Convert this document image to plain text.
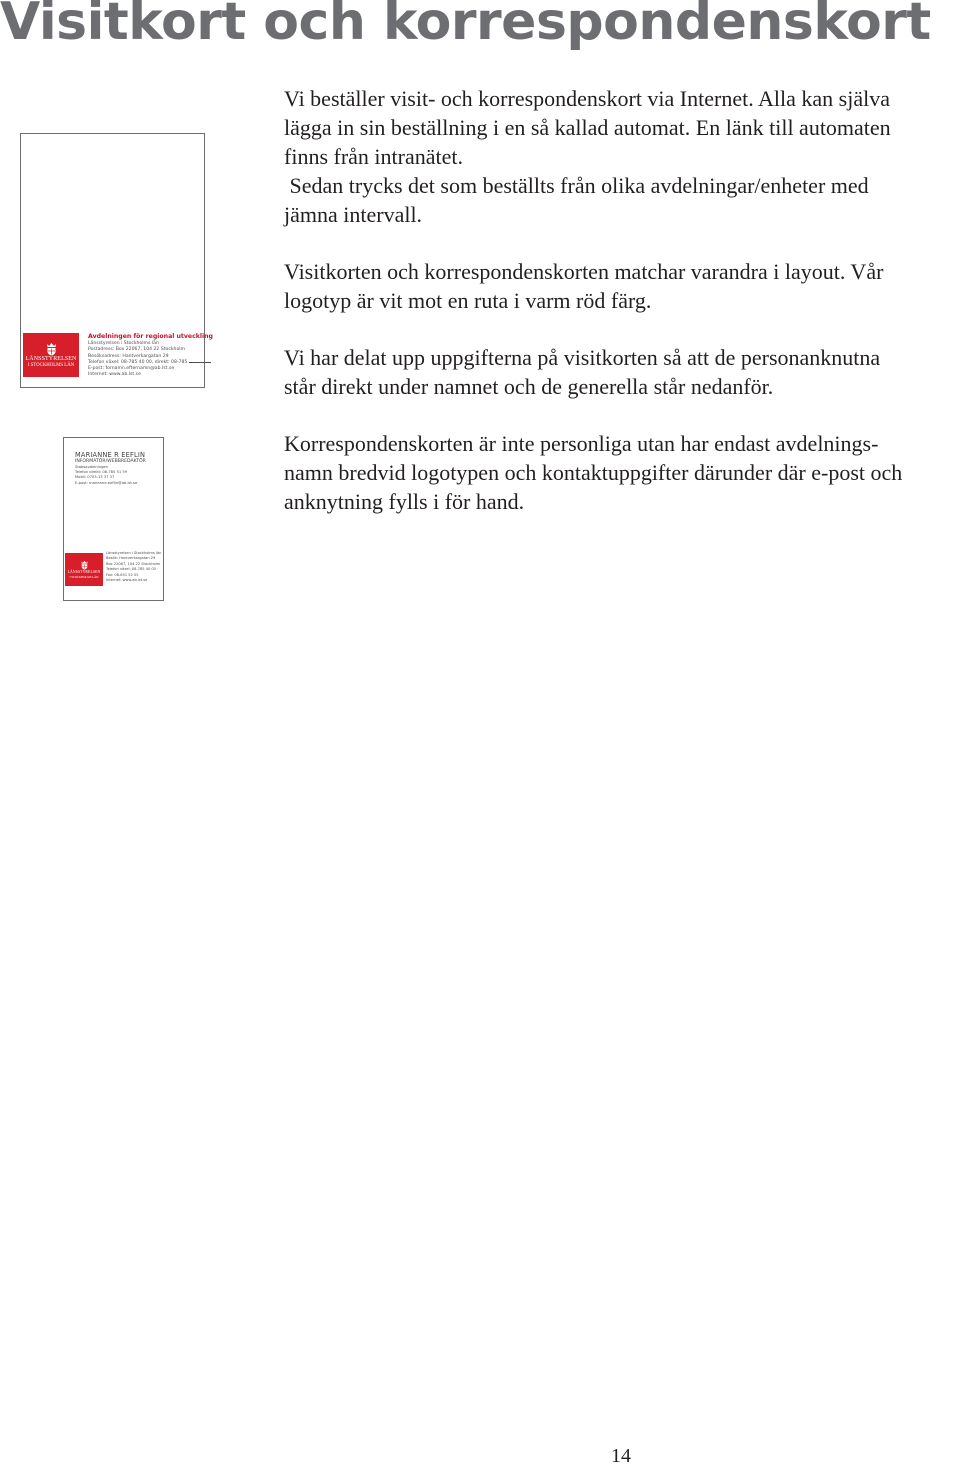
Visitkort och korrespondenskort

Vi beställer visit- och korrespondenskort via Internet. Alla kan själva
lägga in sin beställning i en så kallad automat. En länk till automaten
finns från intranätet.
Sedan trycks det som beställts från olika avdelningar/enheter med
jämna intervall.

Visitkorten och korrespondenskorten matchar varandra i layout. Vår
logotyp är vit mot en ruta i varm röd färg.

Vi har delat upp uppgifterna på visitkorten så att de personanknutna
står direkt under namnet och de generella står nedanför.

Korrespondenskorten är inte personliga utan har endast avdelnings-
namn bredvid logotypen och kontaktuppgifter därunder där e-post och
anknytning fylls i för hand.

LÄNSSTYRELSEN
I STOCKHOLMS LÄN
Avdelningen för regional utveckling
Länsstyrelsen i Stockholms län
Postadress: Box 22067, 104 22 Stockholm
Besöksadress: Hantverkargatan 29
Telefon växel: 08-785 40 00, direkt: 08-785
E-post: fornamn.efternamn@ab.lst.se
Internet: www.ab.lst.se
MARIANNE R EEFLIN
INFORMATÖR/WEBBREDAKTÖR
Stabsavdelningen
Telefon direkt: 08-785 51 59
Mobil: 0703-13 37 37
E-post: marianne.eeflin@ab.lst.se
LÄNSSTYRELSEN
I STOCKHOLMS LÄN
Länsstyrelsen i Stockholms län
Besök: Hantverkargatan 29
Box 22067, 104 22 Stockholm
Telefon växel: 08-785 40 00
Fax: 08-651 52 05
Internet: www.ab.lst.se
14
